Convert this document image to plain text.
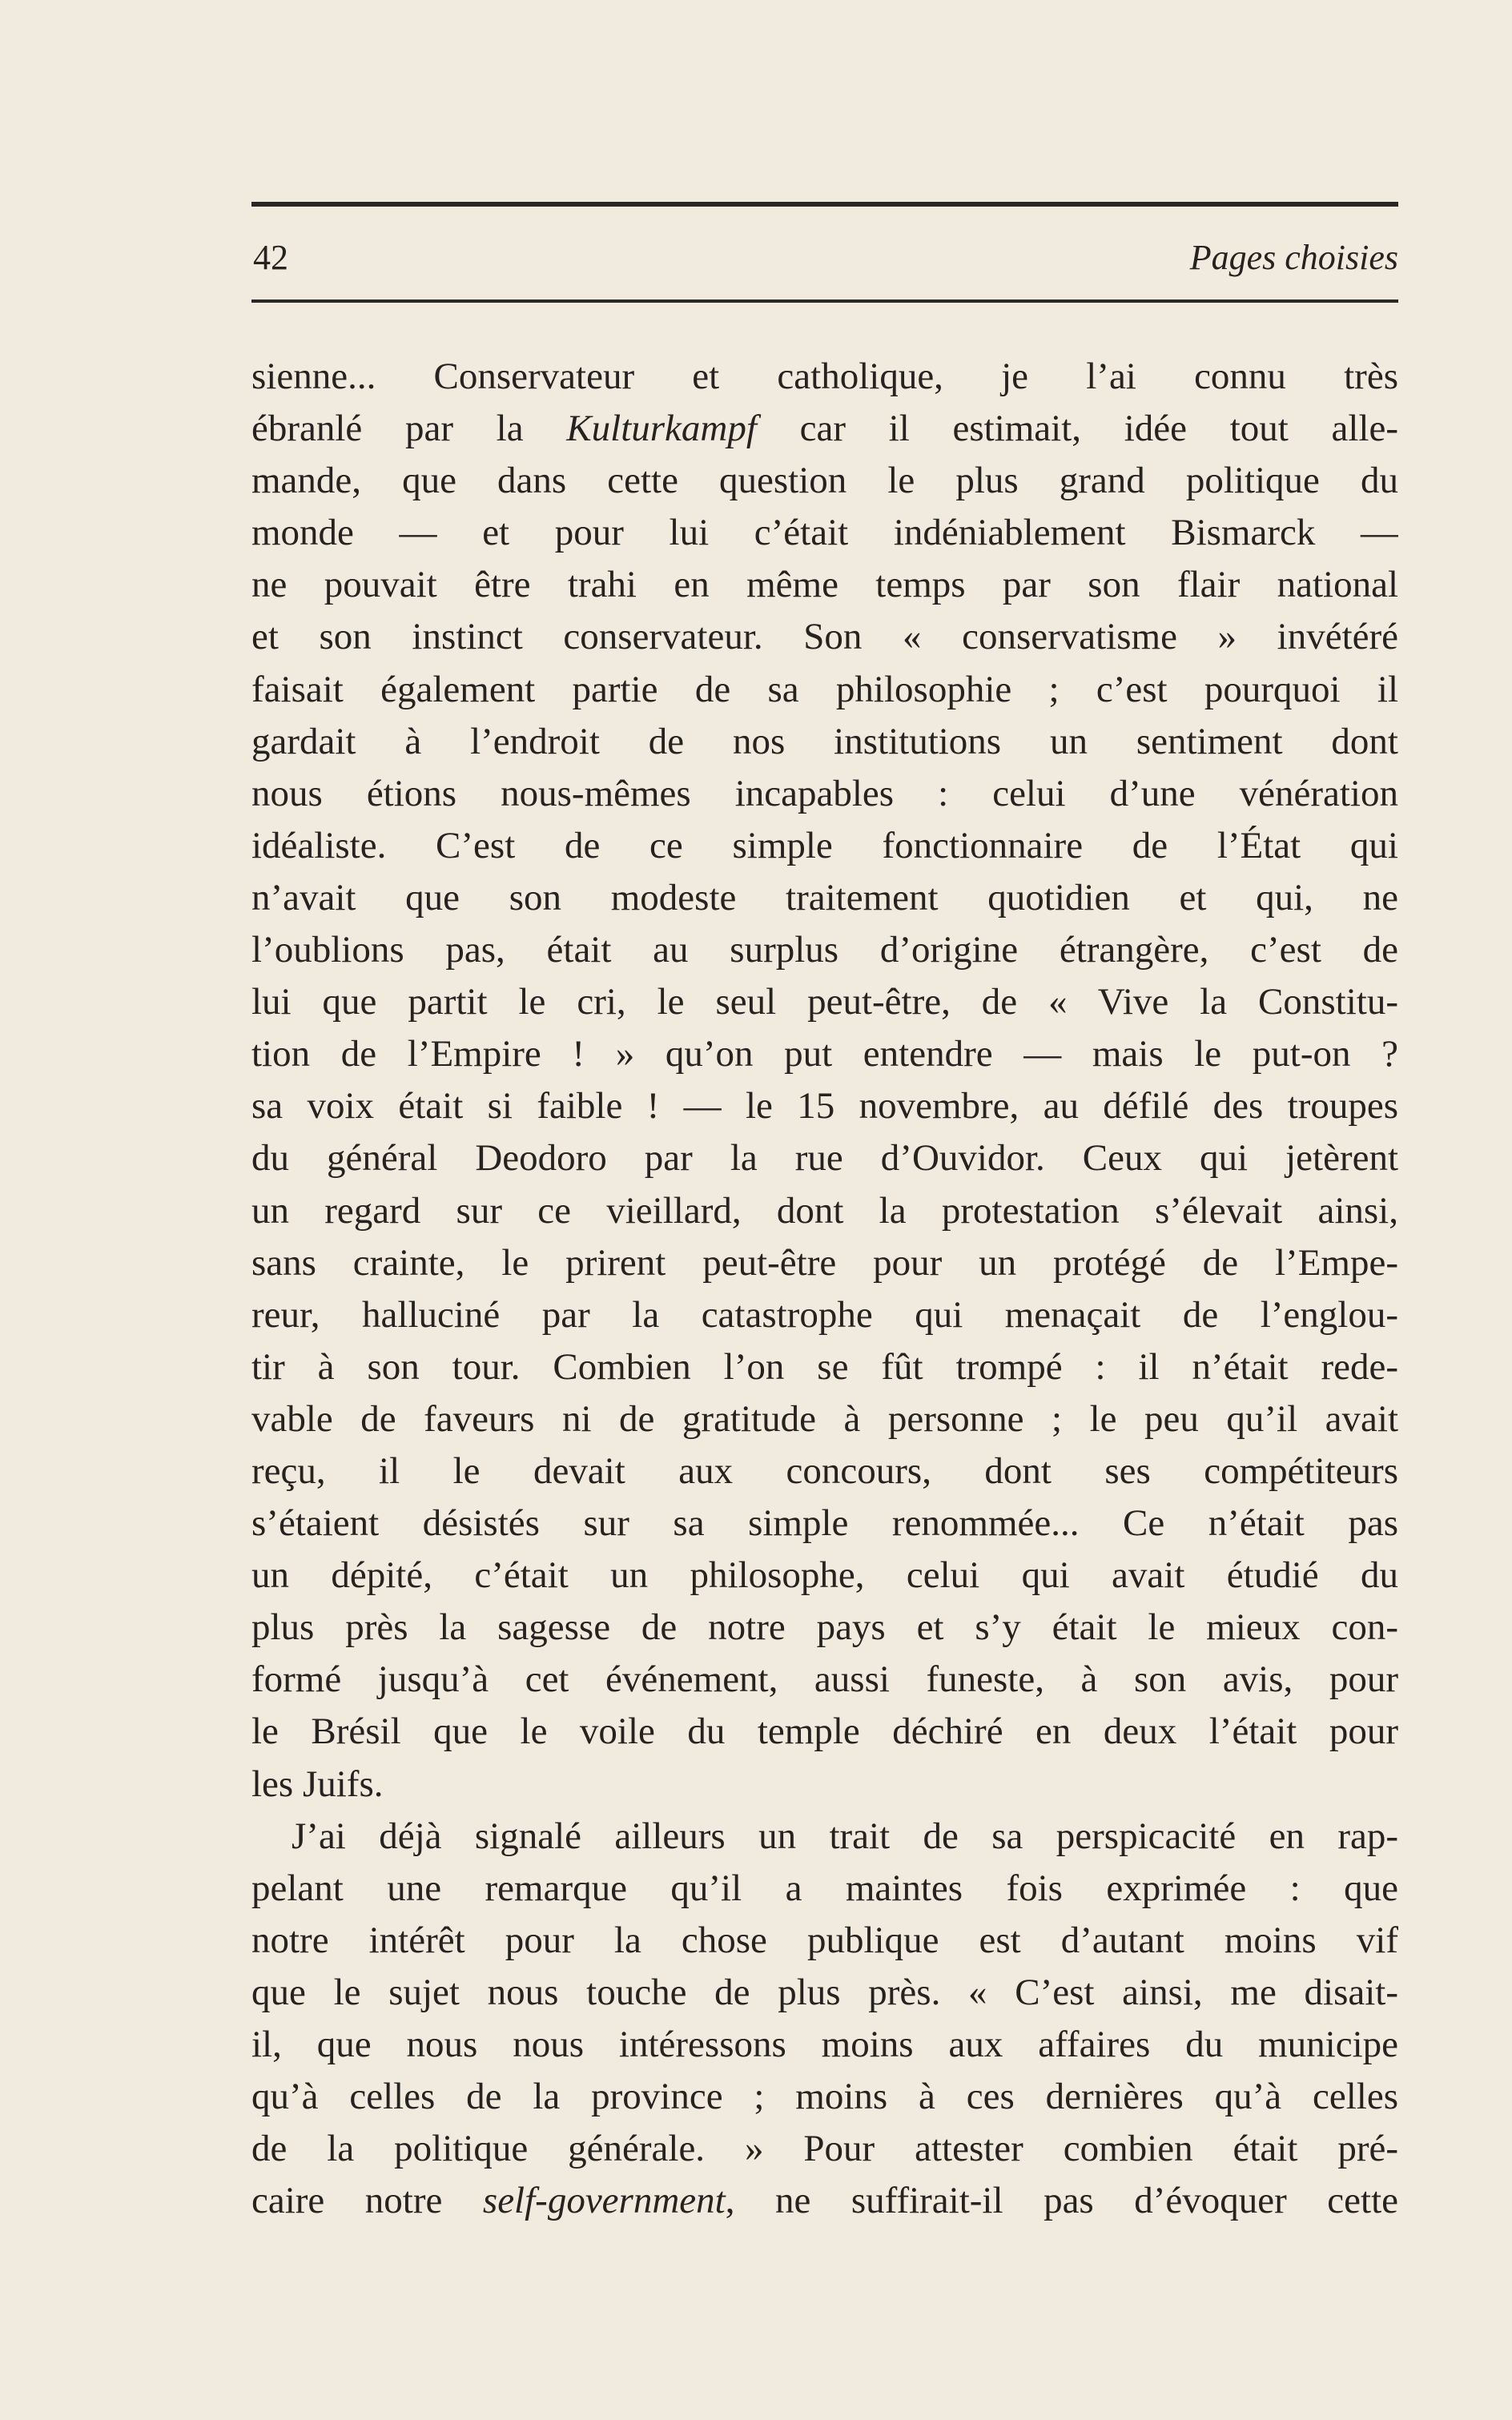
42	Pages choisies
sienne... Conservateur et catholique, je l’ai connu très
ébranlé par la Kulturkampf car il estimait, idée tout alle-
mande, que dans cette question le plus grand politique du
monde — et pour lui c’était indéniablement Bismarck —
ne pouvait être trahi en même temps par son flair national
et son instinct conservateur. Son « conservatisme » invétéré
faisait également partie de sa philosophie ; c’est pourquoi il
gardait à l’endroit de nos institutions un sentiment dont
nous étions nous-mêmes incapables : celui d’une vénération
idéaliste. C’est de ce simple fonctionnaire de l’État qui
n’avait que son modeste traitement quotidien et qui, ne
l’oublions pas, était au surplus d’origine étrangère, c’est de
lui que partit le cri, le seul peut-être, de « Vive la Constitu-
tion de l’Empire ! » qu’on put entendre — mais le put-on ?
sa voix était si faible ! — le 15 novembre, au défilé des troupes
du général Deodoro par la rue d’Ouvidor. Ceux qui jetèrent
un regard sur ce vieillard, dont la protestation s’élevait ainsi,
sans crainte, le prirent peut-être pour un protégé de l’Empe-
reur, halluciné par la catastrophe qui menaçait de l’englou-
tir à son tour. Combien l’on se fût trompé : il n’était rede-
vable de faveurs ni de gratitude à personne ; le peu qu’il avait
reçu, il le devait aux concours, dont ses compétiteurs
s’étaient désistés sur sa simple renommée... Ce n’était pas
un dépité, c’était un philosophe, celui qui avait étudié du
plus près la sagesse de notre pays et s’y était le mieux con-
formé jusqu’à cet événement, aussi funeste, à son avis, pour
le Brésil que le voile du temple déchiré en deux l’était pour
les Juifs.
J’ai déjà signalé ailleurs un trait de sa perspicacité en rap-
pelant une remarque qu’il a maintes fois exprimée : que
notre intérêt pour la chose publique est d’autant moins vif
que le sujet nous touche de plus près. « C’est ainsi, me disait-
il, que nous nous intéressons moins aux affaires du municipe
qu’à celles de la province ; moins à ces dernières qu’à celles
de la politique générale. » Pour attester combien était pré-
caire notre self-government, ne suffirait-il pas d’évoquer cette
